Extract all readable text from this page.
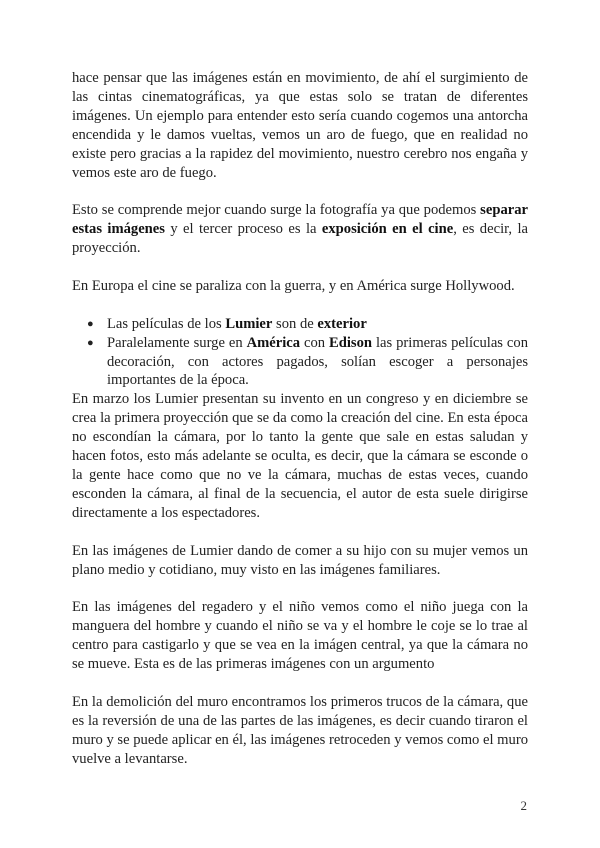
hace pensar que las imágenes están en movimiento, de ahí el surgimiento de las cintas cinematográficas, ya que estas solo se tratan de diferentes imágenes. Un ejemplo para entender esto sería cuando cogemos una antorcha encendida y le damos vueltas, vemos un aro de fuego, que en realidad no existe pero gracias a la rapidez del movimiento, nuestro cerebro nos engaña y vemos este aro de fuego.

Esto se comprende mejor cuando surge la fotografía ya que podemos separar estas imágenes y el tercer proceso es la exposición en el cine, es decir, la proyección.

En Europa el cine se paraliza con la guerra, y en América surge Hollywood.

● Las películas de los Lumier son de exterior
● Paralelamente surge en América con Edison las primeras películas con decoración, con actores pagados, solían escoger a personajes importantes de la época.

En marzo los Lumier presentan su invento en un congreso y en diciembre se crea la primera proyección que se da como la creación del cine. En esta época no escondían la cámara, por lo tanto la gente que sale en estas saludan y hacen fotos, esto más adelante se oculta, es decir, que la cámara se esconde o la gente hace como que no ve la cámara, muchas de estas veces, cuando esconden la cámara, al final de la secuencia, el autor de esta suele dirigirse directamente a los espectadores.

En las imágenes de Lumier dando de comer a su hijo con su mujer vemos un plano medio y cotidiano, muy visto en las imágenes familiares.

En las imágenes del regadero y el niño vemos como el niño juega con la manguera del hombre y cuando el niño se va y el hombre le coje se lo trae al centro para castigarlo y que se vea en la imágen central, ya que la cámara no se mueve. Esta es de las primeras imágenes con un argumento

En la demolición del muro encontramos los primeros trucos de la cámara, que es la reversión de una de las partes de las imágenes, es decir cuando tiraron el muro y se puede aplicar en él, las imágenes retroceden y vemos como el muro vuelve a levantarse.

2
